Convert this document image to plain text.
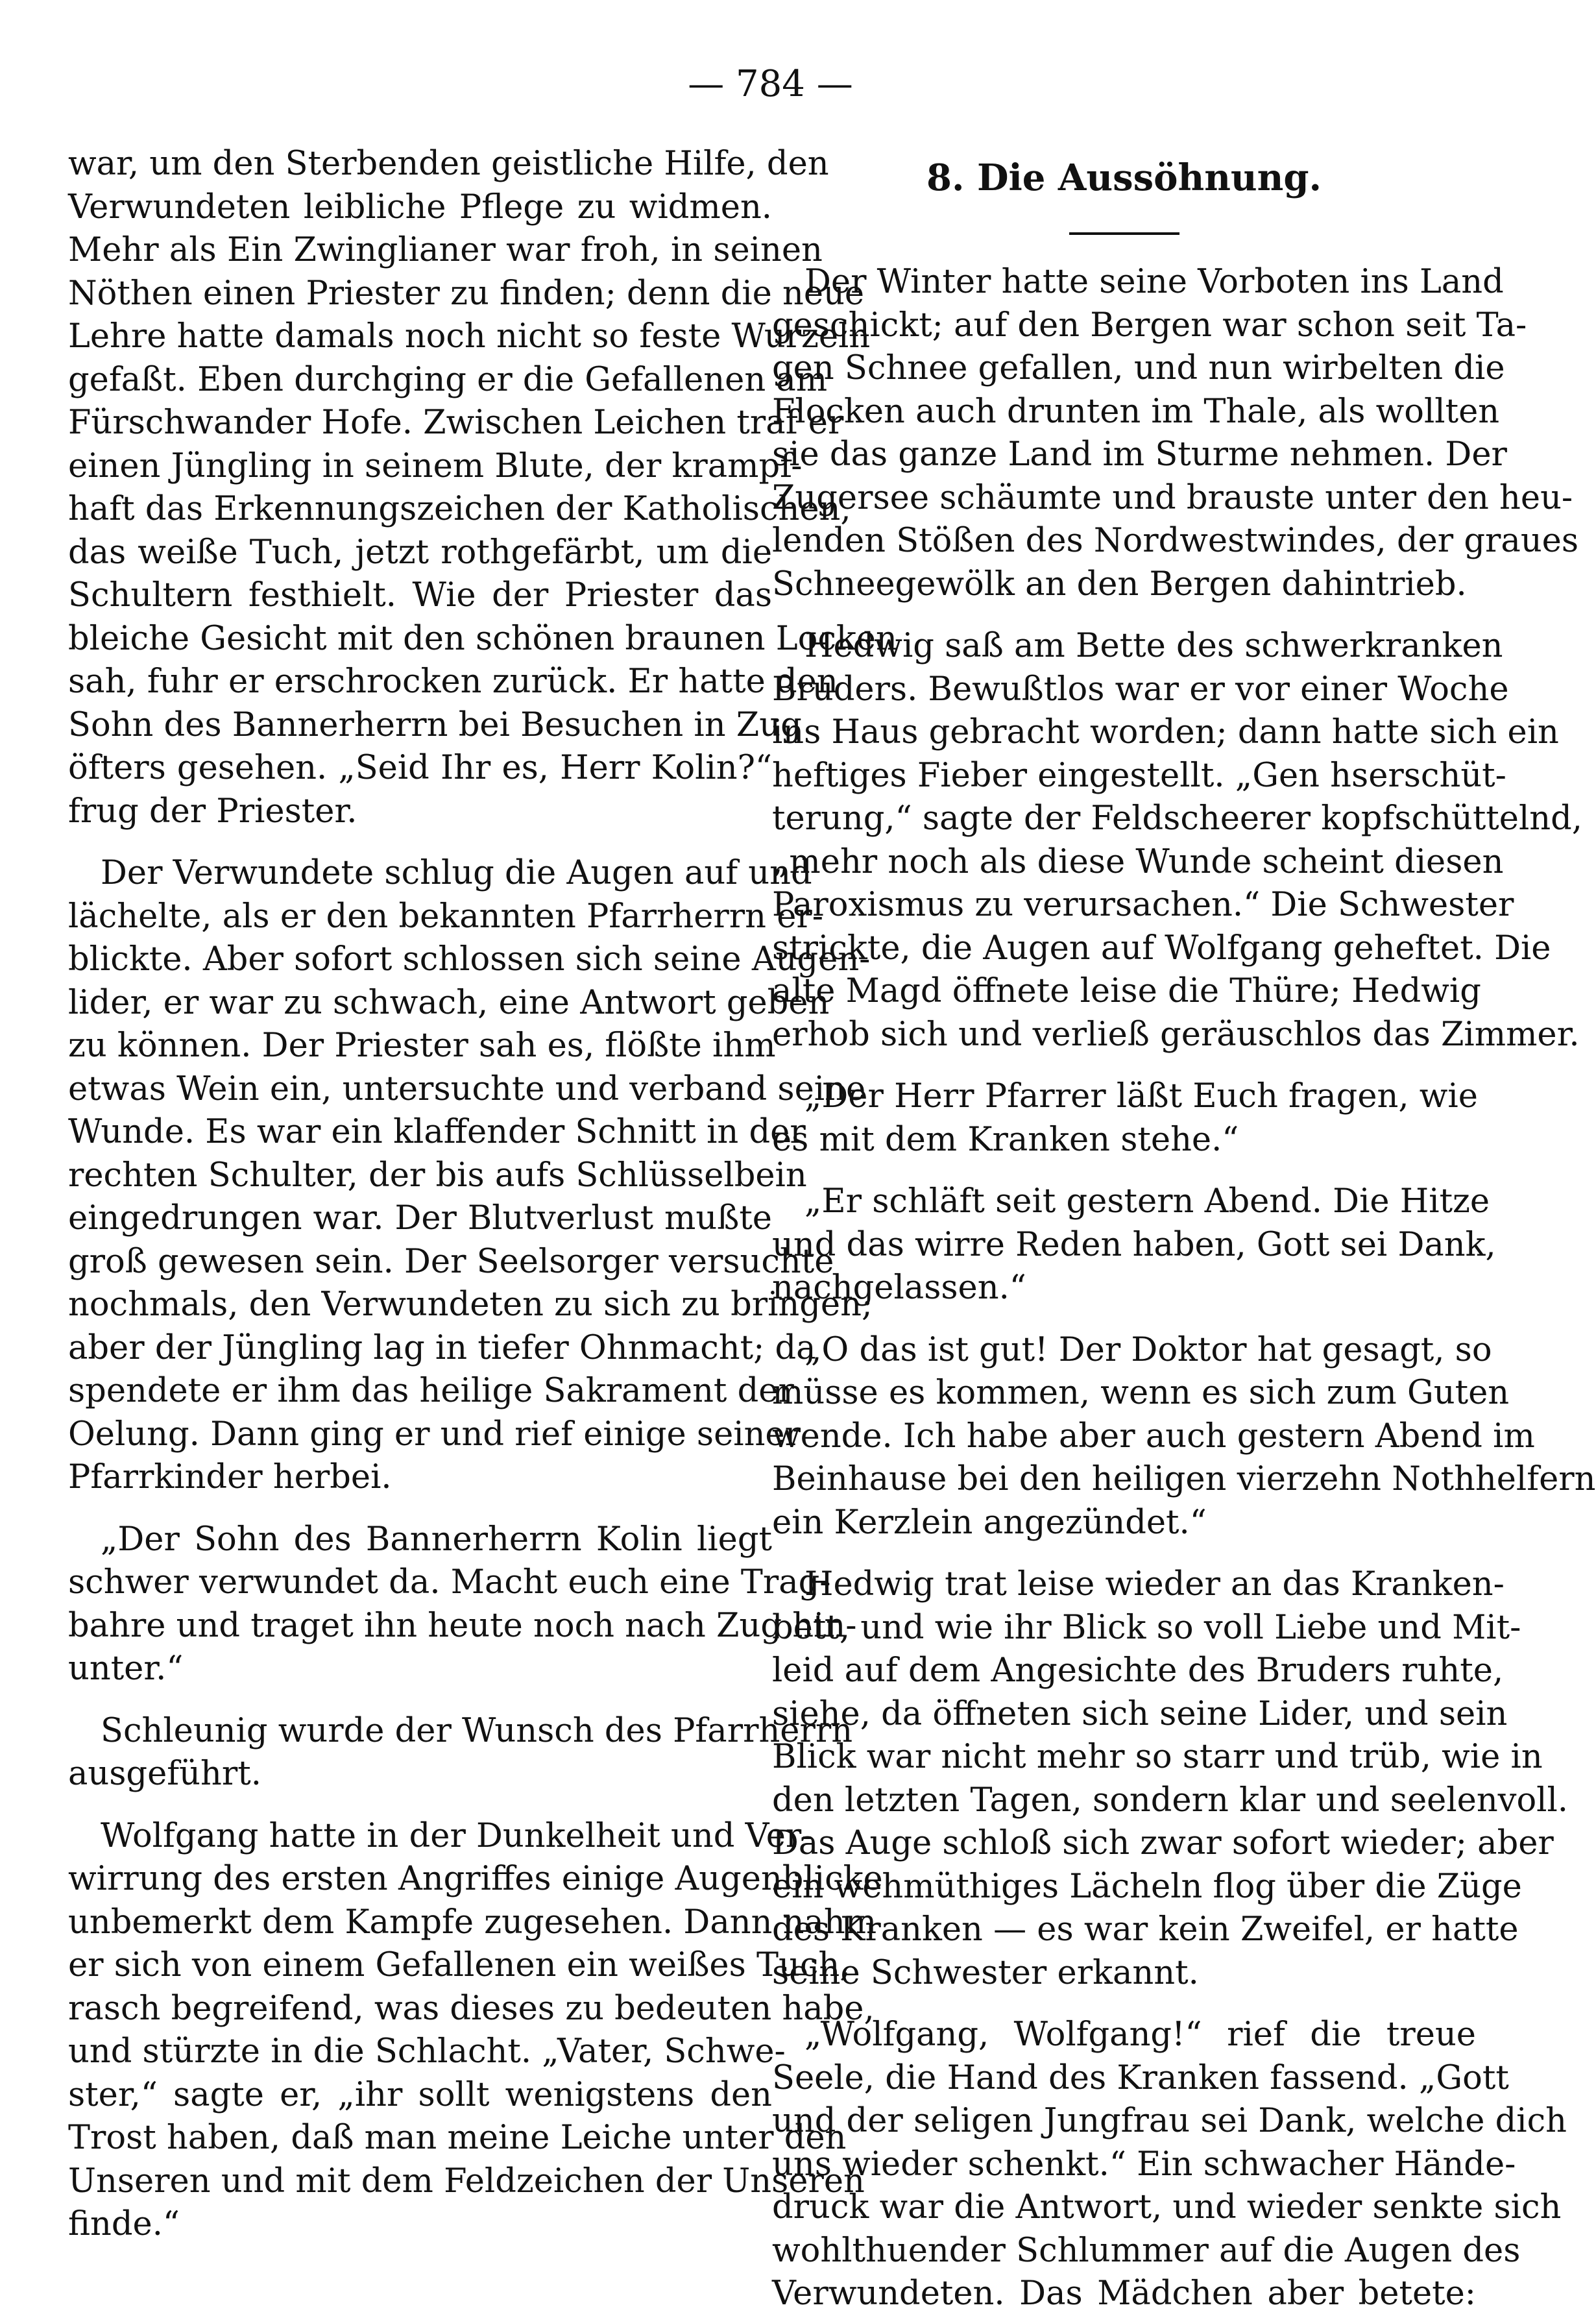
— 784 —
war, um den Sterbenden geistliche Hilfe, den
Verwundeten leibliche Pflege zu widmen.
Mehr als Ein Zwinglianer war froh, in seinen
Nöthen einen Priester zu finden; denn die neue
Lehre hatte damals noch nicht so feste Wurzeln
gefaßt. Eben durchging er die Gefallenen am
Fürschwander Hofe. Zwischen Leichen traf er
einen Jüngling in seinem Blute, der krampf-
haft das Erkennungszeichen der Katholischen,
das weiße Tuch, jetzt rothgefärbt, um die
Schultern festhielt. Wie der Priester das
bleiche Gesicht mit den schönen braunen Locken
sah, fuhr er erschrocken zurück. Er hatte den
Sohn des Bannerherrn bei Besuchen in Zug
öfters gesehen. „Seid Ihr es, Herr Kolin?“
frug der Priester.
Der Verwundete schlug die Augen auf und
lächelte, als er den bekannten Pfarrherrn er-
blickte. Aber sofort schlossen sich seine Augen-
lider, er war zu schwach, eine Antwort geben
zu können. Der Priester sah es, flößte ihm
etwas Wein ein, untersuchte und verband seine
Wunde. Es war ein klaffender Schnitt in der
rechten Schulter, der bis aufs Schlüsselbein
eingedrungen war. Der Blutverlust mußte
groß gewesen sein. Der Seelsorger versuchte
nochmals, den Verwundeten zu sich zu bringen;
aber der Jüngling lag in tiefer Ohnmacht; da
spendete er ihm das heilige Sakrament der
Oelung. Dann ging er und rief einige seiner
Pfarrkinder herbei.
„Der Sohn des Bannerherrn Kolin liegt
schwer verwundet da. Macht euch eine Trag-
bahre und traget ihn heute noch nach Zug hin-
unter.“
Schleunig wurde der Wunsch des Pfarrherrn
ausgeführt.
Wolfgang hatte in der Dunkelheit und Ver-
wirrung des ersten Angriffes einige Augenblicke
unbemerkt dem Kampfe zugesehen. Dann nahm
er sich von einem Gefallenen ein weißes Tuch,
rasch begreifend, was dieses zu bedeuten habe,
und stürzte in die Schlacht. „Vater, Schwe-
ster,“ sagte er, „ihr sollt wenigstens den
Trost haben, daß man meine Leiche unter den
Unseren und mit dem Feldzeichen der Unseren
finde.“
8. Die Aussöhnung.
Der Winter hatte seine Vorboten ins Land
geschickt; auf den Bergen war schon seit Ta-
gen Schnee gefallen, und nun wirbelten die
Flocken auch drunten im Thale, als wollten
sie das ganze Land im Sturme nehmen. Der
Zugersee schäumte und brauste unter den heu-
lenden Stößen des Nordwestwindes, der graues
Schneegewölk an den Bergen dahintrieb.
Hedwig saß am Bette des schwerkranken
Bruders. Bewußtlos war er vor einer Woche
ins Haus gebracht worden; dann hatte sich ein
heftiges Fieber eingestellt. „Gen hserschüt-
terung,“ sagte der Feldscheerer kopfschüttelnd,
„mehr noch als diese Wunde scheint diesen
Paroxismus zu verursachen.“ Die Schwester
strickte, die Augen auf Wolfgang geheftet. Die
alte Magd öffnete leise die Thüre; Hedwig
erhob sich und verließ geräuschlos das Zimmer.
„Der Herr Pfarrer läßt Euch fragen, wie
es mit dem Kranken stehe.“
„Er schläft seit gestern Abend. Die Hitze
und das wirre Reden haben, Gott sei Dank,
nachgelassen.“
„O das ist gut! Der Doktor hat gesagt, so
müsse es kommen, wenn es sich zum Guten
wende. Ich habe aber auch gestern Abend im
Beinhause bei den heiligen vierzehn Nothhelfern
ein Kerzlein angezündet.“
Hedwig trat leise wieder an das Kranken-
bett, und wie ihr Blick so voll Liebe und Mit-
leid auf dem Angesichte des Bruders ruhte,
siehe, da öffneten sich seine Lider, und sein
Blick war nicht mehr so starr und trüb, wie in
den letzten Tagen, sondern klar und seelenvoll.
Das Auge schloß sich zwar sofort wieder; aber
ein wehmüthiges Lächeln flog über die Züge
des Kranken — es war kein Zweifel, er hatte
seine Schwester erkannt.
„Wolfgang, Wolfgang!“ rief die treue
Seele, die Hand des Kranken fassend. „Gott
und der seligen Jungfrau sei Dank, welche dich
uns wieder schenkt.“ Ein schwacher Hände-
druck war die Antwort, und wieder senkte sich
wohlthuender Schlummer auf die Augen des
Verwundeten. Das Mädchen aber betete:
